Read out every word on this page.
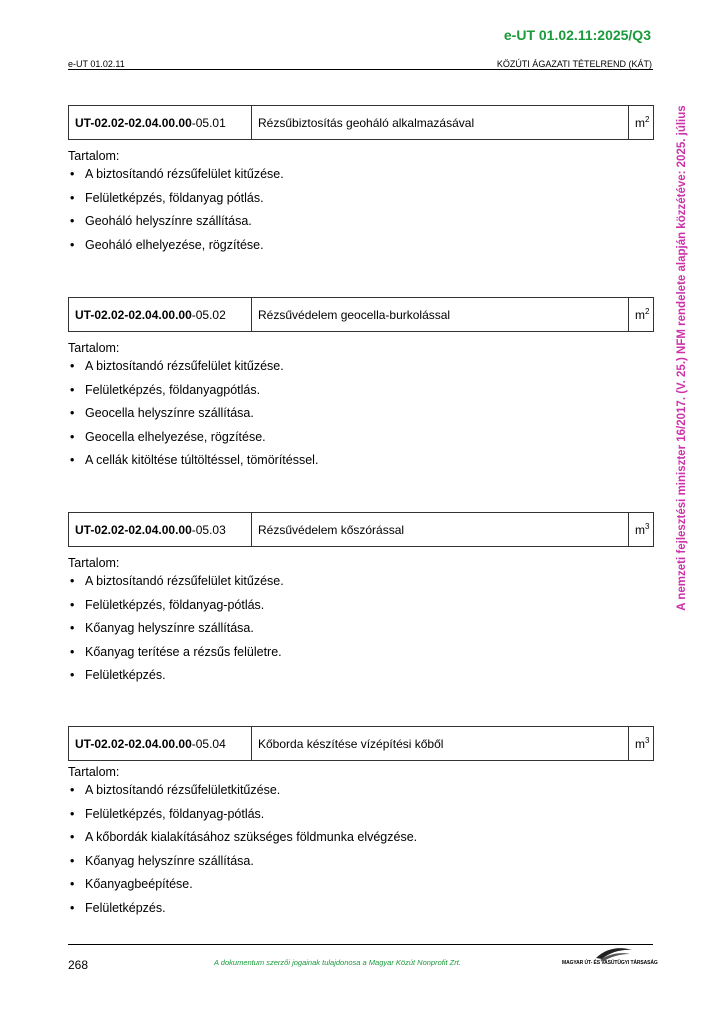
e-UT 01.02.11:2025/Q3
e-UT 01.02.11	KÖZÚTI ÁGAZATI TÉTELREND (KÁT)
A nemzeti fejlesztési miniszter 16/2017. (V. 25.) NFM rendelete alapján közzétéve: 2025. július
UT-02.02-02.04.00.00-05.01	Rézsűbiztosítás geoháló alkalmazásával	$m^2$
Tartalom:
• A biztosítandó rézsűfelület kitűzése.
• Felületképzés, földanyag pótlás.
• Geoháló helyszínre szállítása.
• Geoháló elhelyezése, rögzítése.
UT-02.02-02.04.00.00-05.02	Rézsűvédelem geocella-burkolással	$m^2$
Tartalom:
• A biztosítandó rézsűfelület kitűzése.
• Felületképzés, földanyagpótlás.
• Geocella helyszínre szállítása.
• Geocella elhelyezése, rögzítése.
• A cellák kitöltése túltöltéssel, tömörítéssel.
UT-02.02-02.04.00.00-05.03	Rézsűvédelem kőszórással	$m^3$
Tartalom:
• A biztosítandó rézsűfelület kitűzése.
• Felületképzés, földanyag-pótlás.
• Kőanyag helyszínre szállítása.
• Kőanyag terítése a rézsűs felületre.
• Felületképzés.
UT-02.02-02.04.00.00-05.04	Kőborda készítése vízépítési kőből	$m^3$
Tartalom:
• A biztosítandó rézsűfelületkitűzése.
• Felületképzés, földanyag-pótlás.
• A kőbordák kialakításához szükséges földmunka elvégzése.
• Kőanyag helyszínre szállítása.
• Kőanyagbeépítése.
• Felületképzés.
268	A dokumentum szerzői jogainak tulajdonosa a Magyar Közút Nonprofit Zrt.	MAGYAR ÚT- ÉS VASÚTÜGYI TÁRSASÁG
